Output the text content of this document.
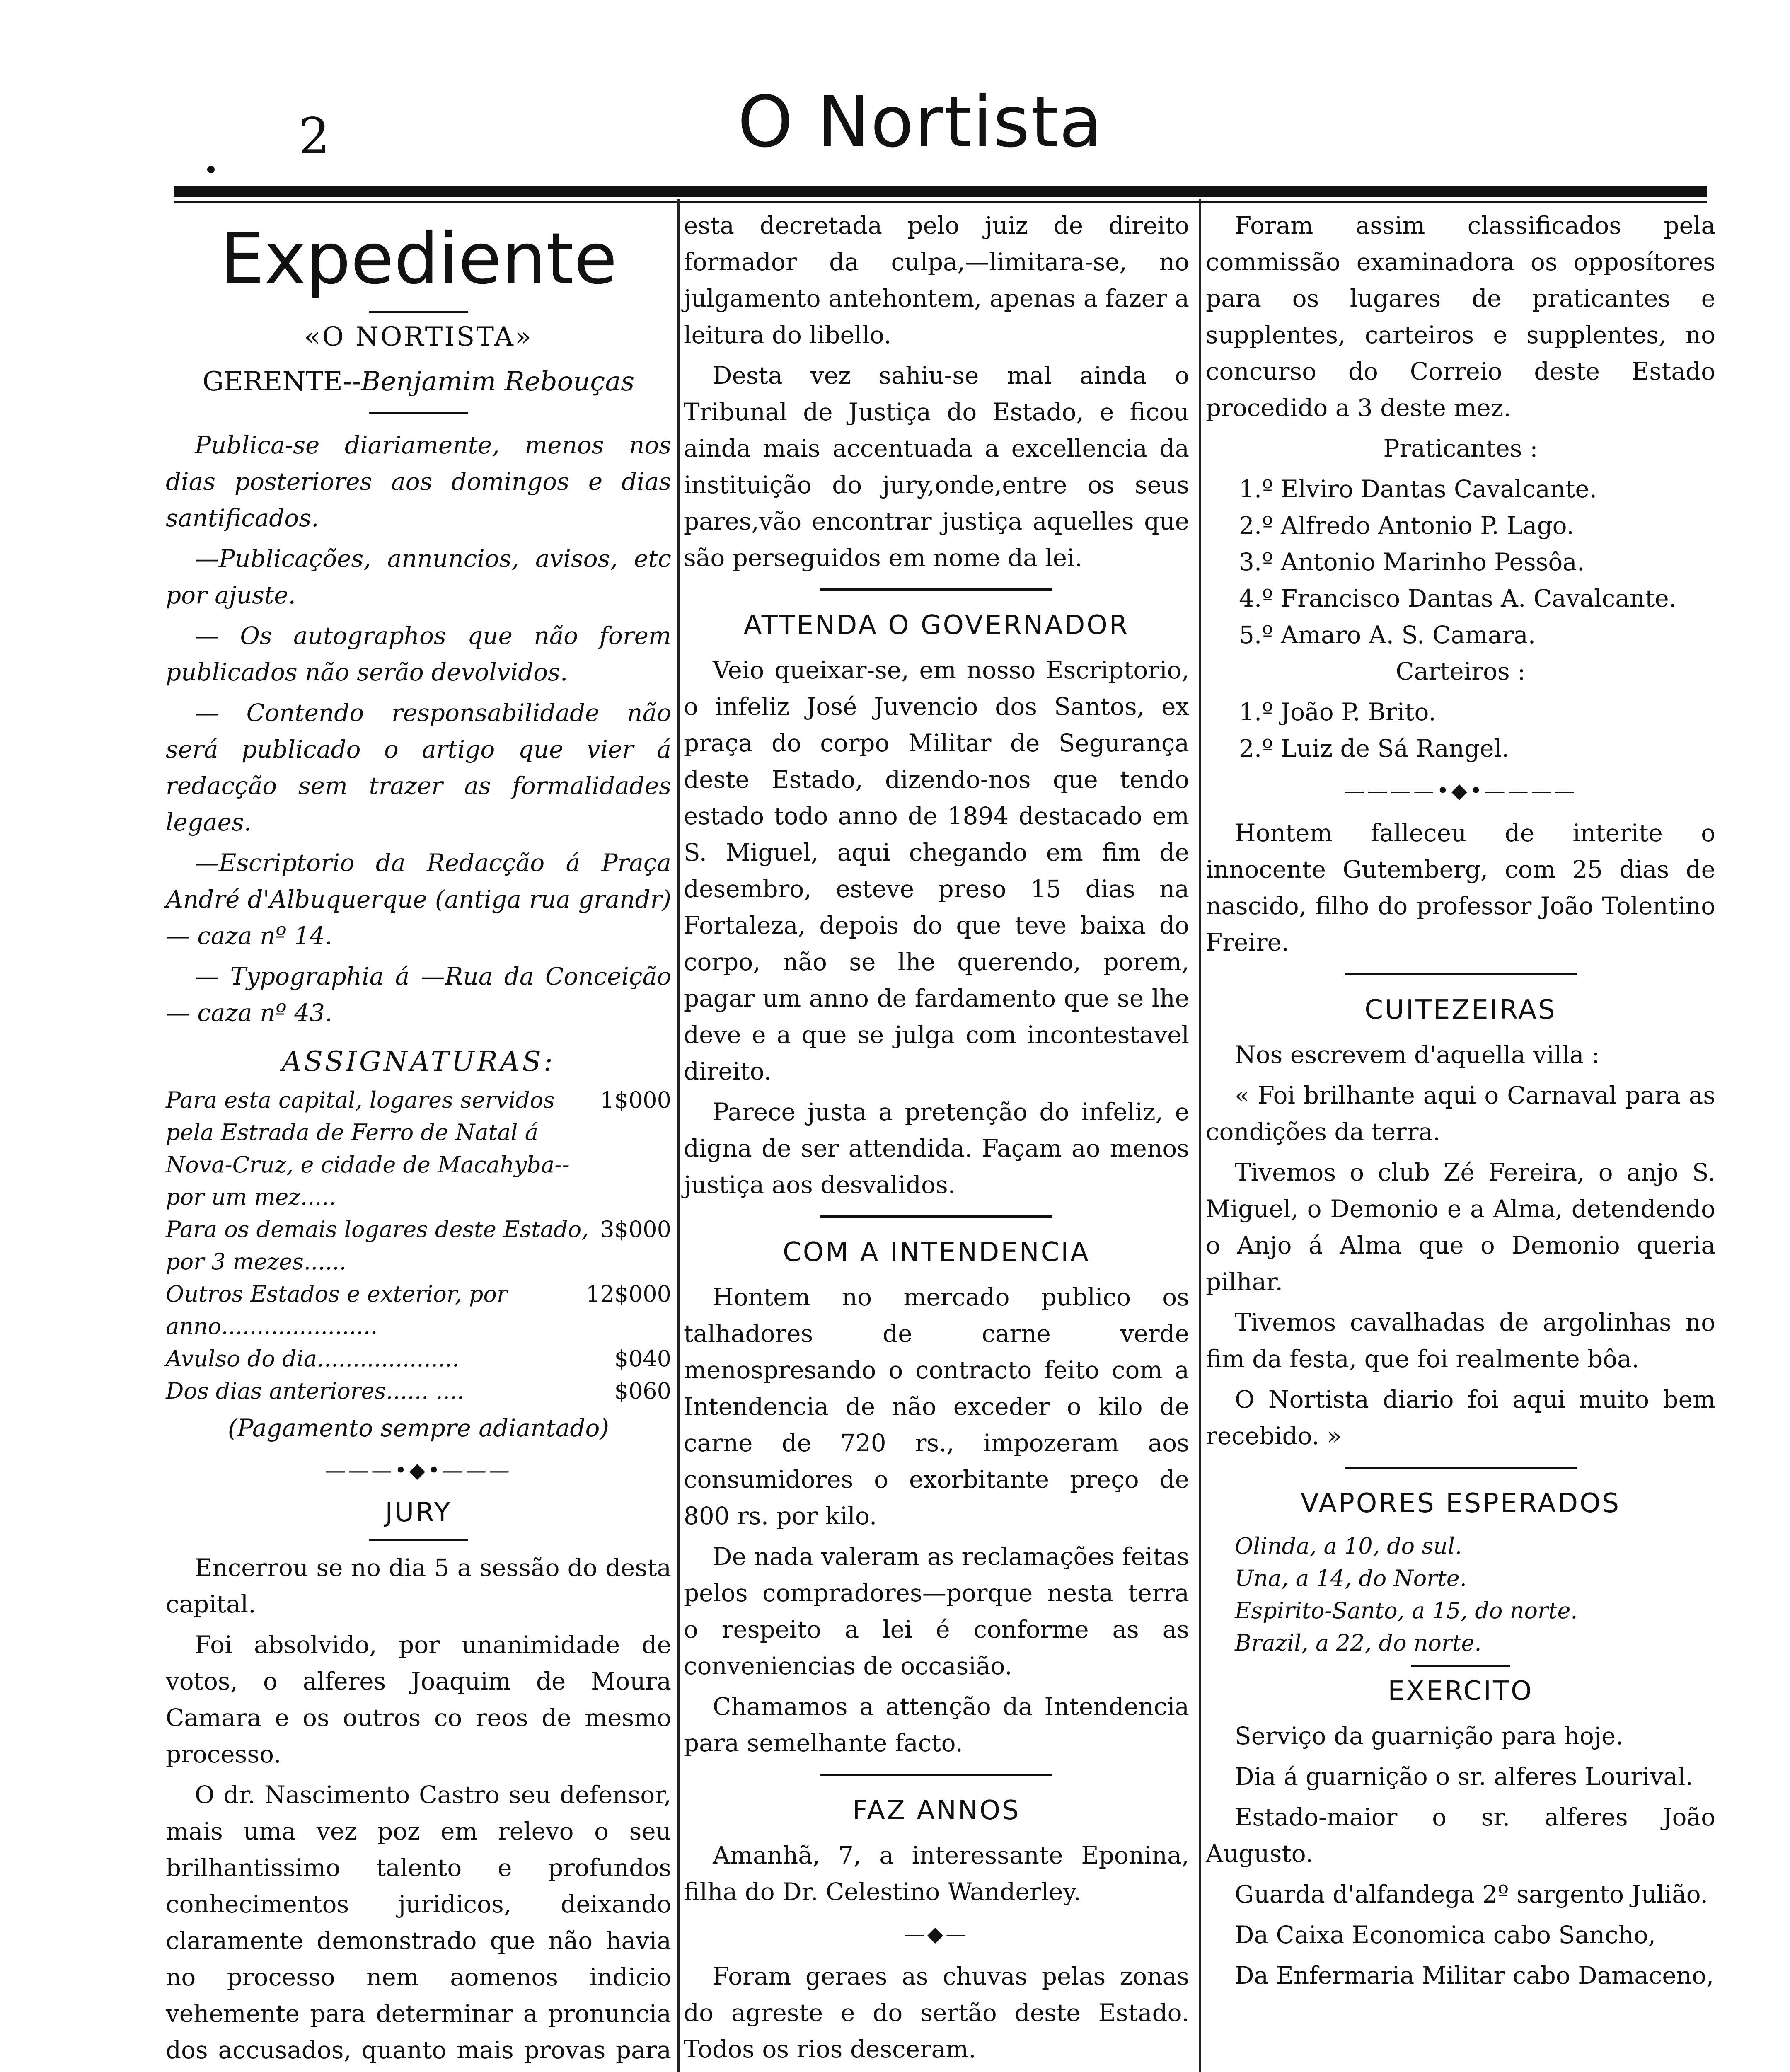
2	O Nortista
Expediente

«O NORTISTA»

GERENTE--Benjamim Rebouças

Publica-se diariamente, menos nos dias posteriores aos domingos e dias santificados.

—Publicações, annuncios, avisos, etc por ajuste.

— Os autographos que não forem publicados não serão devolvidos.

— Contendo responsabilidade não será publicado o artigo que vier á redacção sem trazer as formalidades legaes.

—Escriptorio da Redacção á Praça André d'Albuquerque (antiga rua grandr) — caza nº 14.

— Typographia á —Rua da Conceição— caza nº 43.

ASSIGNATURAS:
Para esta capital, logares servidos pela Estrada de Ferro de Natal á Nova-Cruz, e cidade de Macahyba--por um mez.....
1$000
Para os demais logares deste Estado, por 3 mezes......
3$000
Outros Estados e exterior, por anno......................
12$000
Avulso do dia....................	$040
Dos dias anteriores...... ....	$060

(Pagamento sempre adiantado)

———•◆•———
JURY

Encerrou se no dia 5 a sessão do desta capital.

Foi absolvido, por unanimidade de votos, o alferes Joaquim de Moura Camara e os outros co reos de mesmo processo.

O dr. Nascimento Castro seu defensor, mais uma vez poz em relevo o seu brilhantissimo talento e profundos conhecimentos juridicos, deixando claramente demonstrado que não havia no processo nem aomenos indicio vehemente para determinar a pronuncia dos accusados, quanto mais provas para

esta decretada pelo juiz de direito formador da culpa,—limitara-se, no julgamento antehontem, apenas a fazer a leitura do libello.

Desta vez sahiu-se mal ainda o Tribunal de Justiça do Estado, e ficou ainda mais accentuada a excellencia da instituição do jury,onde,entre os seus pares,vão encontrar justiça aquelles que são perseguidos em nome da lei.

ATTENDA O GOVERNADOR

Veio queixar-se, em nosso Escriptorio, o infeliz José Juvencio dos Santos, ex praça do corpo Militar de Segurança deste Estado, dizendo-nos que tendo estado todo anno de 1894 destacado em S. Miguel, aqui chegando em fim de desembro, esteve preso 15 dias na Fortaleza, depois do que teve baixa do corpo, não se lhe querendo, porem, pagar um anno de fardamento que se lhe deve e a que se julga com incontestavel direito.

Parece justa a pretenção do infeliz, e digna de ser attendida. Façam ao menos justiça aos desvalidos.

COM A INTENDENCIA

Hontem no mercado publico os talhadores de carne verde menospresando o contracto feito com a Intendencia de não exceder o kilo de carne de 720 rs., impozeram aos consumidores o exorbitante preço de 800 rs. por kilo.

De nada valeram as reclamações feitas pelos compradores—porque nesta terra o respeito a lei é conforme as as conveniencias de occasião.

Chamamos a attenção da Intendencia para semelhante facto.

FAZ ANNOS

Amanhã, 7, a interessante Eponina, filha do Dr. Celestino Wanderley.

—◆—

Foram geraes as chuvas pelas zonas do agreste e do sertão deste Estado. Todos os rios desceram.

Foram assim classificados pela commissão examinadora os opposítores para os lugares de praticantes e supplentes, carteiros e supplentes, no concurso do Correio deste Estado procedido a 3 deste mez.

Praticantes :

1.º Elviro Dantas Cavalcante.

2.º Alfredo Antonio P. Lago.

3.º Antonio Marinho Pessôa.

4.º Francisco Dantas A. Cavalcante.

5.º Amaro A. S. Camara.

Carteiros :

1.º João P. Brito.

2.º Luiz de Sá Rangel.

————•◆•————

Hontem falleceu de interite o innocente Gutemberg, com 25 dias de nascido, filho do professor João Tolentino Freire.

CUITEZEIRAS

Nos escrevem d'aquella villa :

« Foi brilhante aqui o Carnaval para as condições da terra.

Tivemos o club Zé Fereira, o anjo S. Miguel, o Demonio e a Alma, detendendo o Anjo á Alma que o Demonio queria pilhar.

Tivemos cavalhadas de argolinhas no fim da festa, que foi realmente bôa.

O Nortista diario foi aqui muito bem recebido. »

VAPORES ESPERADOS

Olinda, a 10, do sul.

Una, a 14, do Norte.

Espirito-Santo, a 15, do norte.

Brazil, a 22, do norte.

EXERCITO

Serviço da guarnição para hoje.

Dia á guarnição o sr. alferes Lourival.

Estado-maior o sr. alferes João Augusto.

Guarda d'alfandega 2º sargento Julião.

Da Caixa Economica cabo Sancho,

Da Enfermaria Militar cabo Damaceno,
